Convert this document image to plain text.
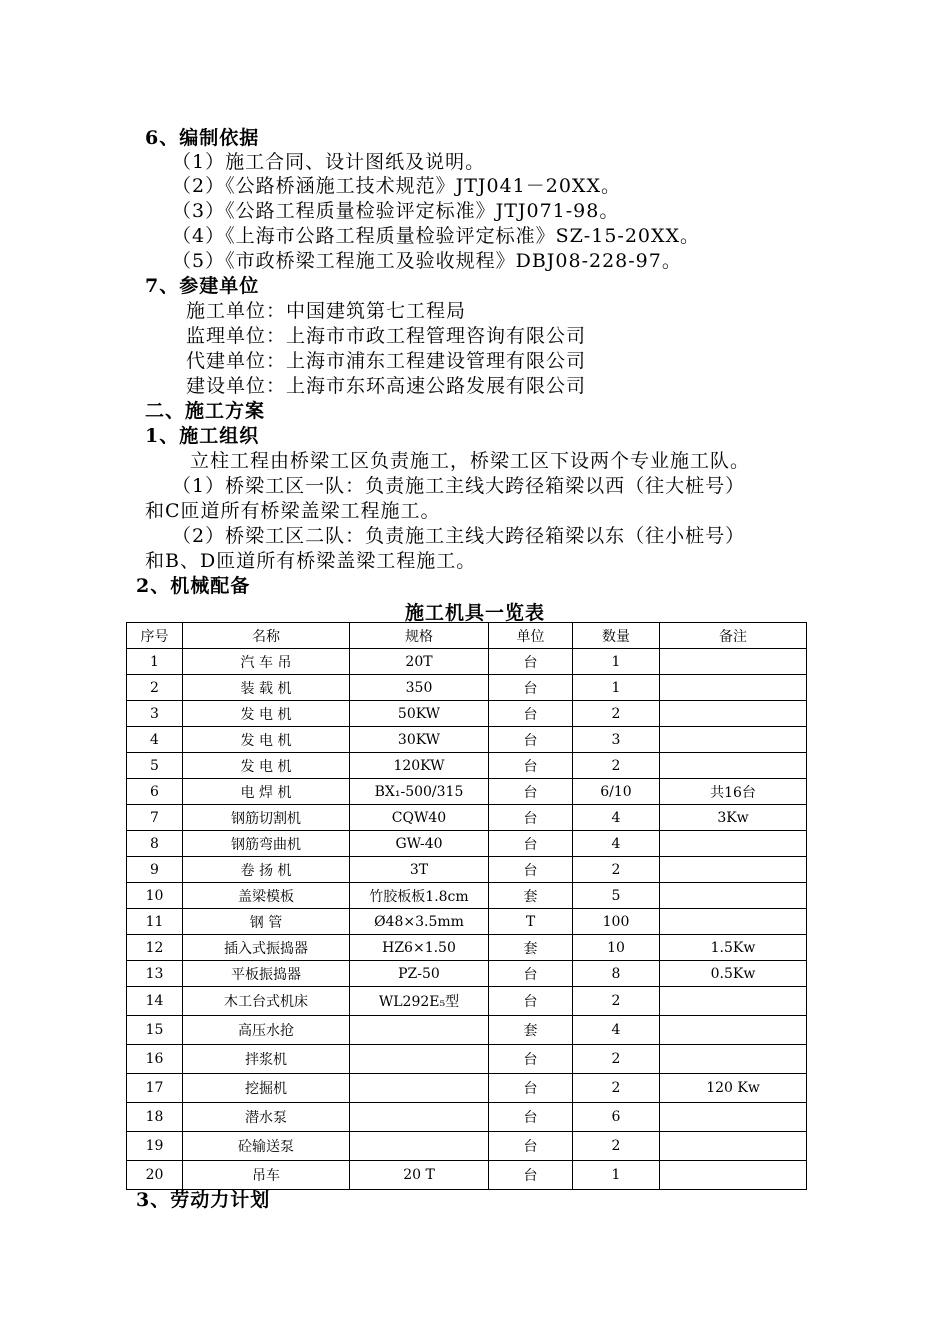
6、编制依据
（1）施工合同、设计图纸及说明。
（2）《公路桥涵施工技术规范》JTJ041－20XX。
（3）《公路工程质量检验评定标准》JTJ071-98。
（4）《上海市公路工程质量检验评定标准》SZ-15-20XX。
（5）《市政桥梁工程施工及验收规程》DBJ08-228-97。
7、参建单位
施工单位：中国建筑第七工程局
监理单位：上海市市政工程管理咨询有限公司
代建单位：上海市浦东工程建设管理有限公司
建设单位：上海市东环高速公路发展有限公司
二、施工方案
1、施工组织
立柱工程由桥梁工区负责施工，桥梁工区下设两个专业施工队。
（1）桥梁工区一队：负责施工主线大跨径箱梁以西（往大桩号）
和C匝道所有桥梁盖梁工程施工。
（2）桥梁工区二队：负责施工主线大跨径箱梁以东（往小桩号）
和B、D匝道所有桥梁盖梁工程施工。
2、机械配备
施工机具一览表
序号	名称	规格	单位	数量	备注
1	汽 车 吊	20T	台	1	
2	装 载 机	350	台	1	
3	发 电 机	50KW	台	2	
4	发 电 机	30KW	台	3	
5	发 电 机	120KW	台	2	
6	电 焊 机	BX₁-500/315	台	6/10	共16台
7	钢筋切割机	CQW40	台	4	3Kw
8	钢筋弯曲机	GW-40	台	4	
9	卷 扬 机	3T	台	2	
10	盖梁模板	竹胶板板1.8cm	套	5	
11	钢 管	Ø48×3.5mm	T	100	
12	插入式振捣器	HZ6×1.50	套	10	1.5Kw
13	平板振捣器	PZ-50	台	8	0.5Kw
14	木工台式机床	WL292E₅型	台	2	
15	高压水抢		套	4	
16	拌浆机		台	2	
17	挖掘机		台	2	120 Kw
18	潜水泵		台	6	
19	砼输送泵		台	2	
20	吊车	20 T	台	1	
3、劳动力计划
